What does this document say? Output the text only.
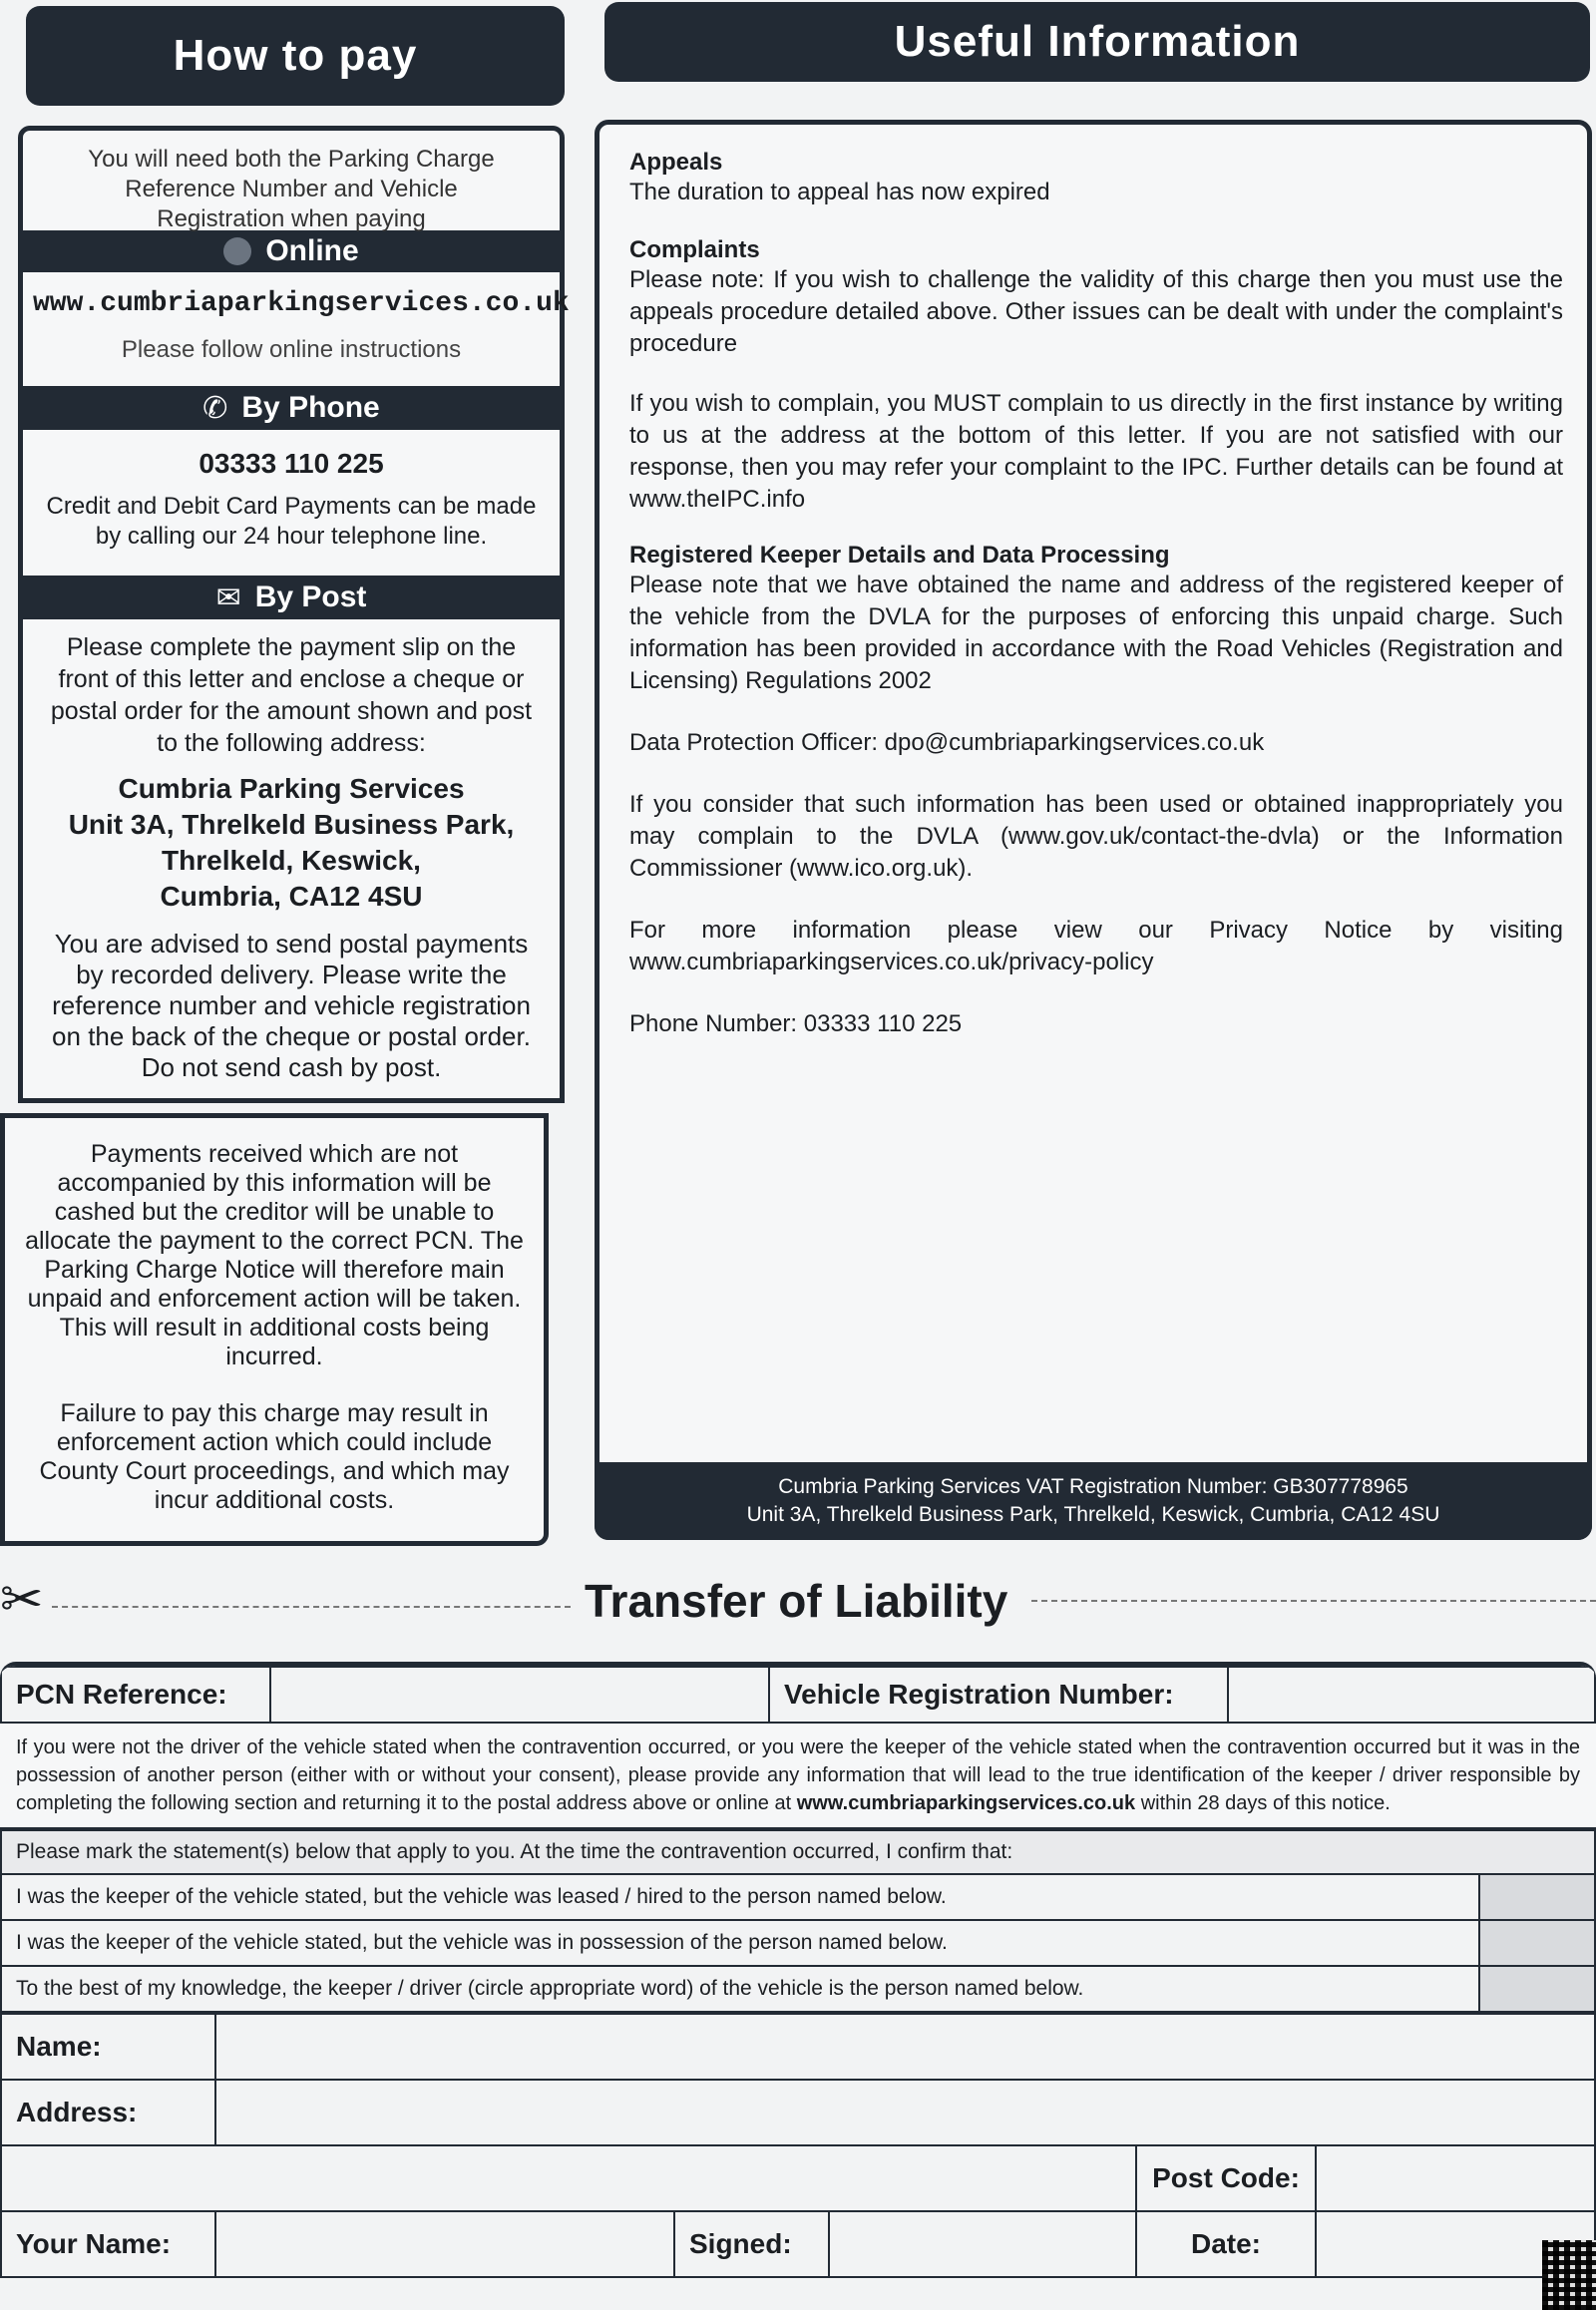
How to pay
You will need both the Parking Charge Reference Number and Vehicle Registration when paying
Online
www.cumbriaparkingservices.co.uk
Please follow online instructions
✆ By Phone
03333 110 225
Credit and Debit Card Payments can be made by calling our 24 hour telephone line.
✉ By Post
Please complete the payment slip on the front of this letter and enclose a cheque or postal order for the amount shown and post to the following address:
Cumbria Parking Services
Unit 3A, Threlkeld Business Park,
Threlkeld, Keswick,
Cumbria, CA12 4SU
You are advised to send postal payments by recorded delivery. Please write the reference number and vehicle registration on the back of the cheque or postal order. Do not send cash by post.
Payments received which are not accompanied by this information will be cashed but the creditor will be unable to allocate the payment to the correct PCN. The Parking Charge Notice will therefore main unpaid and enforcement action will be taken. This will result in additional costs being incurred.
Failure to pay this charge may result in enforcement action which could include County Court proceedings, and which may incur additional costs.
Useful Information
Appeals
The duration to appeal has now expired
Complaints
Please note: If you wish to challenge the validity of this charge then you must use the appeals procedure detailed above. Other issues can be dealt with under the complaint's procedure
If you wish to complain, you MUST complain to us directly in the first instance by writing to us at the address at the bottom of this letter. If you are not satisfied with our response, then you may refer your complaint to the IPC. Further details can be found at www.theIPC.info
Registered Keeper Details and Data Processing
Please note that we have obtained the name and address of the registered keeper of the vehicle from the DVLA for the purposes of enforcing this unpaid charge. Such information has been provided in accordance with the Road Vehicles (Registration and Licensing) Regulations 2002
Data Protection Officer: dpo@cumbriaparkingservices.co.uk
If you consider that such information has been used or obtained inappropriately you may complain to the DVLA (www.gov.uk/contact-the-dvla) or the Information Commissioner (www.ico.org.uk).
For more information please view our Privacy Notice by visiting www.cumbriaparkingservices.co.uk/privacy-policy
Phone Number: 03333 110 225
Cumbria Parking Services VAT Registration Number: GB307778965
Unit 3A, Threlkeld Business Park, Threlkeld, Keswick, Cumbria, CA12 4SU
✂	Transfer of Liability
PCN Reference:		Vehicle Registration Number:	
If you were not the driver of the vehicle stated when the contravention occurred, or you were the keeper of the vehicle stated when the contravention occurred but it was in the possession of another person (either with or without your consent), please provide any information that will lead to the true identification of the keeper / driver responsible by completing the following section and returning it to the postal address above or online at www.cumbriaparkingservices.co.uk within 28 days of this notice.
Please mark the statement(s) below that apply to you. At the time the contravention occurred, I confirm that:	
I was the keeper of the vehicle stated, but the vehicle was leased / hired to the person named below.	
I was the keeper of the vehicle stated, but the vehicle was in possession of the person named below.	
To the best of my knowledge, the keeper / driver (circle appropriate word) of the vehicle is the person named below.	
Name:					
Address:					
				Post Code:	
Your Name:		Signed:		Date:	
